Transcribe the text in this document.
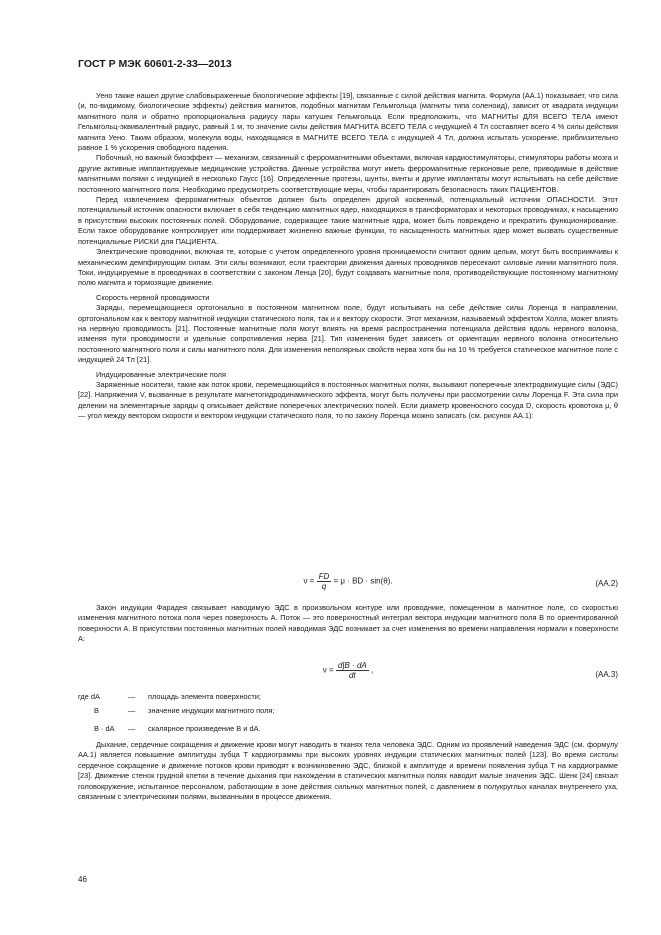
ГОСТ Р МЭК 60601-2-33—2013

Уено также нашел другие слабовыраженные биологические эффекты [19], связанные с силой действия магнита. Формула (AA.1) показывает, что сила (и, по-видимому, биологические эффекты) действия магнитов, подобных магнитам Гельмгольца (магниты типа соленоид), зависит от квадрата индукции магнитного поля и обратно пропорциональна радиусу пары катушек Гельмгольца. Если предположить, что МАГНИТЫ ДЛЯ ВСЕГО ТЕЛА имеют Гельмгольц-эквивалентный радиус, равный 1 м, то значение силы действия МАГНИТА ВСЕГО ТЕЛА с индукцией 4 Тл составляет всего 4 % силы действия магнита Уено. Таким образом, молекула воды, находящаяся в МАГНИТЕ ВСЕГО ТЕЛА с индукцией 4 Тл, должна испытать ускорение, приблизительно равное 1 % ускорения свободного падения.

Побочный, но важный биоэффект — механизм, связанный с ферромагнитными объектами, включая кардиостимуляторы, стимуляторы работы мозга и другие активные имплантируемые медицинские устройства. Данные устройства могут иметь ферромагнитные герконовые реле, приводимые в действие магнитными полями с индукцией в несколько Гаусс [16]. Определенные протезы, шунты, винты и другие имплантаты могут испытывать на себе действие постоянного магнитного поля. Необходимо предусмотреть соответствующие меры, чтобы гарантировать безопасность таких ПАЦИЕНТОВ.

Перед извлечением ферромагнитных объектов должен быть определен другой косвенный, потенциальный источник ОПАСНОСТИ. Этот потенциальный источник опасности включает в себя тенденцию магнитных ядер, находящихся в трансформаторах и некоторых проводниках, к насыщению в присутствии высоких постоянных полей. Оборудование, содержащее такие магнитные ядра, может быть повреждено и прекратить функционирование. Если такое оборудование контролирует или поддерживает жизненно важные функции, то насыщенность магнитных ядер может вызвать существенные потенциальные РИСКИ для ПАЦИЕНТА.

Электрические проводники, включая те, которые с учетом определенного уровня проницаемости считают одним целым, могут быть восприимчивы к механическим демпфирующим силам. Эти силы возникают, если траектории движения данных проводников пересекают силовые линии магнитного поля. Токи, индуцируемые в проводниках в соответствии с законом Ленца [20], будут создавать магнитные поля, противодействующие постоянному магнитному полю магнита и тормозящие движение.

Скорость нервной проводимости

Заряды, перемещающиеся ортогонально в постоянном магнитном поле, будут испытывать на себе действие силы Лоренца в направлении, ортогональном как к вектору магнитной индукции статического поля, так и к вектору скорости. Этот механизм, называемый эффектом Холла, может влиять на нервную проводимость [21]. Постоянные магнитные поля могут влиять на время распространения потенциала действия вдоль нервного волокна, изменяя пути проводимости и удельные сопротивления нерва [21]. Тип изменения будет зависеть от ориентации нервного волокна относительно постоянного магнитного поля и силы магнитного поля. Для изменения неполярных свойств нерва хотя бы на 10 % требуется статическое магнитное поле с индукцией 24 Тл [21].

Индуцированные электрические поля

Заряженные носители, такие как поток крови, перемещающийся в постоянных магнитных полях, вызывают поперечные электродвижущие силы (ЭДС) [22]. Напряжения V, вызванные в результате магнетогидродинамического эффекта, могут быть получены при рассмотрении силы Лоренца F. Эта сила при делении на элементарные заряды q описывает действие поперечных электрических полей. Если диаметр кровеносного сосуда D, скорость кровотока μ, θ — угол между вектором скорости и вектором индукции статического поля, то по закону Лоренца можно записать (см. рисунок AA.1):

$\nu = \frac{FD}{q} = \mu$ · BD · sin(θ).	(AA.2)

Закон индукции Фарадея связывает наводимую ЭДС в произвольном контуре или проводнике, помещенном в магнитное поле, со скоростью изменения магнитного потока поля через поверхность A. Поток — это поверхностный интеграл вектора индукции магнитного поля B по ориентированной поверхности A. В присутствии постоянных магнитных полей наводимая ЭДС возникает за счет изменения во времени направления нормали к поверхности A:

$\nu = \frac{d\int B \cdot dA}{dt}$ ,	(AA.3)
где dA	—	площадь элемента поверхности;
B	—	значение индукции магнитного поля;
B · dA	—	скалярное произведение B и dA.

Дыхание, сердечные сокращения и движение крови могут наводить в тканях тела человека ЭДС. Одним из проявлений наведения ЭДС (см. формулу AA.1) является повышение амплитуды зубца T кардиограммы при высоких уровнях индукции статических магнитных полей [123]. Во время систолы сердечное сокращение и движение потоков крови приводят к возникновению ЭДС, близкой к амплитуде и времени появления зубца T на кардиограмме [23]. Движение стенок грудной клетки в течение дыхания при нахождении в статических магнитных полях наводит малые значения ЭДС. Шенк [24] связал головокружение, испытанное персоналом, работающим в зоне действия сильных магнитных полей, с давлением в полукруглых каналах внутреннего уха, связанным с электрическими полями, вызванными в процессе движения.

46
